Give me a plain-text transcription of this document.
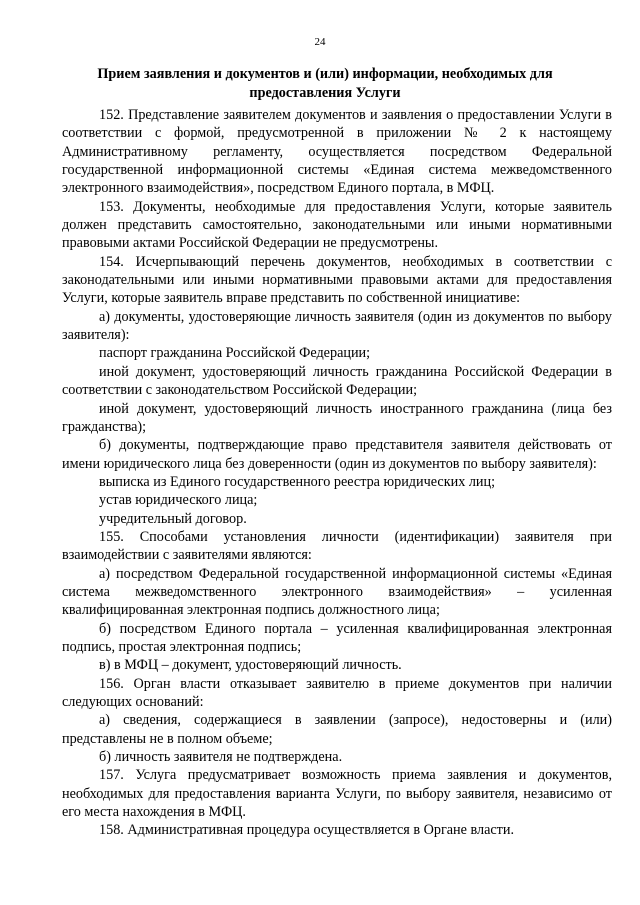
24
Прием заявления и документов и (или) информации, необходимых для
предоставления Услуги

152. Представление заявителем документов и заявления о предоставлении Услуги в соответствии с формой, предусмотренной в приложении № 2 к настоящему Административному регламенту, осуществляется посредством Федеральной государственной информационной системы «Единая система межведомственного электронного взаимодействия», посредством Единого портала, в МФЦ.

153. Документы, необходимые для предоставления Услуги, которые заявитель должен представить самостоятельно, законодательными или иными нормативными правовыми актами Российской Федерации не предусмотрены.

154. Исчерпывающий перечень документов, необходимых в соответствии с законодательными или иными нормативными правовыми актами для предоставления Услуги, которые заявитель вправе представить по собственной инициативе:

а) документы, удостоверяющие личность заявителя (один из документов по выбору заявителя):

паспорт гражданина Российской Федерации;

иной документ, удостоверяющий личность гражданина Российской Федерации в соответствии с законодательством Российской Федерации;

иной документ, удостоверяющий личность иностранного гражданина (лица без гражданства);

б) документы, подтверждающие право представителя заявителя действовать от имени юридического лица без доверенности (один из документов по выбору заявителя):

выписка из Единого государственного реестра юридических лиц;

устав юридического лица;

учредительный договор.

155. Способами установления личности (идентификации) заявителя при взаимодействии с заявителями являются:

а) посредством Федеральной государственной информационной системы «Единая система межведомственного электронного взаимодействия» – усиленная квалифицированная электронная подпись должностного лица;

б) посредством Единого портала – усиленная квалифицированная электронная подпись, простая электронная подпись;

в) в МФЦ – документ, удостоверяющий личность.

156. Орган власти отказывает заявителю в приеме документов при наличии следующих оснований:

а) сведения, содержащиеся в заявлении (запросе), недостоверны и (или) представлены не в полном объеме;

б) личность заявителя не подтверждена.

157. Услуга предусматривает возможность приема заявления и документов, необходимых для предоставления варианта Услуги, по выбору заявителя, независимо от его места нахождения в МФЦ.

158. Административная процедура осуществляется в Органе власти.
